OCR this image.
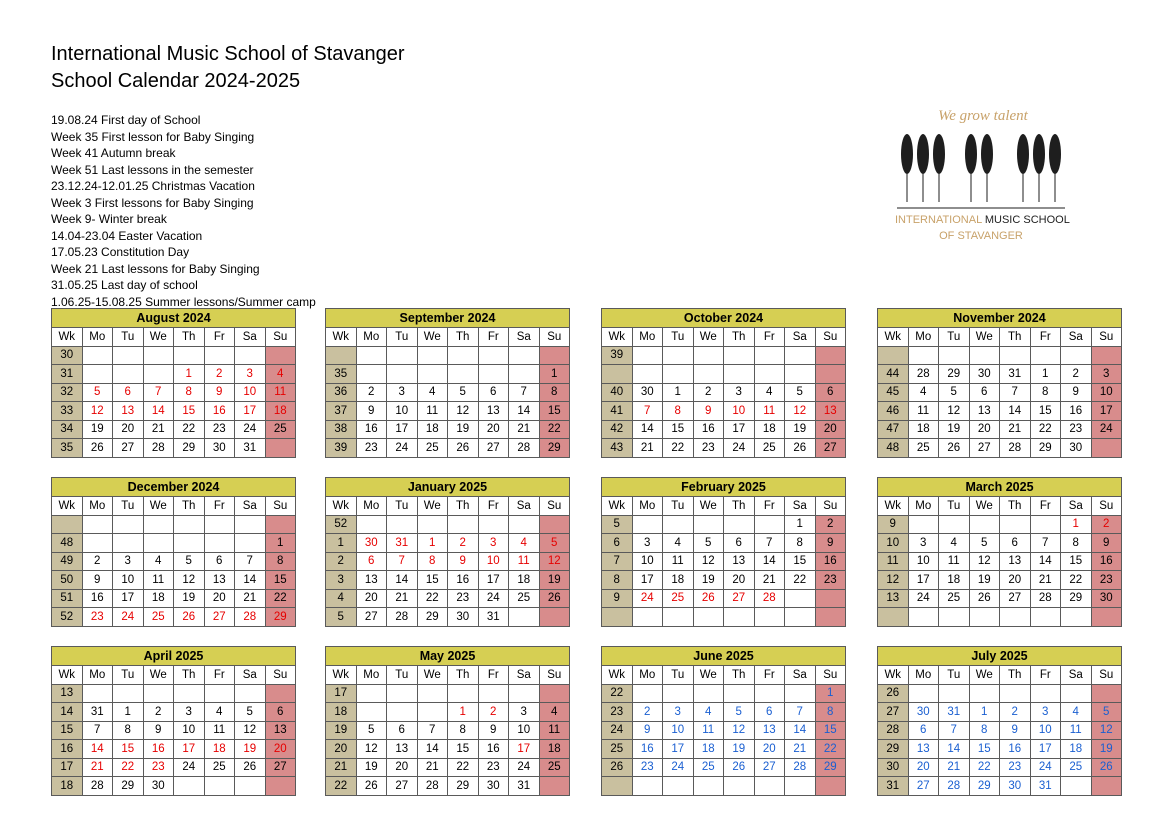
International Music School of Stavanger
School Calendar 2024-2025
19.08.24 First day of School
Week 35 First lesson for Baby Singing
Week 41 Autumn break
Week 51 Last lessons in the semester
23.12.24-12.01.25 Christmas Vacation
Week 3 First lessons for Baby Singing
Week 9- Winter break
14.04-23.04 Easter Vacation
17.05.23 Constitution Day
Week 21 Last lessons for Baby Singing
31.05.25 Last day of school
1.06.25-15.08.25 Summer lessons/Summer camp
We grow talent
INTERNATIONAL MUSIC SCHOOL
OF STAVANGER
August 2024							
Wk	Mo	Tu	We	Th	Fr	Sa	Su
30							
31				1	2	3	4
32	5	6	7	8	9	10	11
33	12	13	14	15	16	17	18
34	19	20	21	22	23	24	25
35	26	27	28	29	30	31	
September 2024							
Wk	Mo	Tu	We	Th	Fr	Sa	Su

35							1
36	2	3	4	5	6	7	8
37	9	10	11	12	13	14	15
38	16	17	18	19	20	21	22
39	23	24	25	26	27	28	29
October 2024							
Wk	Mo	Tu	We	Th	Fr	Sa	Su
39							

40	30	1	2	3	4	5	6
41	7	8	9	10	11	12	13
42	14	15	16	17	18	19	20
43	21	22	23	24	25	26	27
November 2024							
Wk	Mo	Tu	We	Th	Fr	Sa	Su

44	28	29	30	31	1	2	3
45	4	5	6	7	8	9	10
46	11	12	13	14	15	16	17
47	18	19	20	21	22	23	24
48	25	26	27	28	29	30	
December 2024							
Wk	Mo	Tu	We	Th	Fr	Sa	Su

48							1
49	2	3	4	5	6	7	8
50	9	10	11	12	13	14	15
51	16	17	18	19	20	21	22
52	23	24	25	26	27	28	29
January 2025							
Wk	Mo	Tu	We	Th	Fr	Sa	Su
52							
1	30	31	1	2	3	4	5
2	6	7	8	9	10	11	12
3	13	14	15	16	17	18	19
4	20	21	22	23	24	25	26
5	27	28	29	30	31		
February 2025							
Wk	Mo	Tu	We	Th	Fr	Sa	Su
5						1	2
6	3	4	5	6	7	8	9
7	10	11	12	13	14	15	16
8	17	18	19	20	21	22	23
9	24	25	26	27	28		

March 2025							
Wk	Mo	Tu	We	Th	Fr	Sa	Su
9						1	2
10	3	4	5	6	7	8	9
11	10	11	12	13	14	15	16
12	17	18	19	20	21	22	23
13	24	25	26	27	28	29	30

April 2025							
Wk	Mo	Tu	We	Th	Fr	Sa	Su
13							
14	31	1	2	3	4	5	6
15	7	8	9	10	11	12	13
16	14	15	16	17	18	19	20
17	21	22	23	24	25	26	27
18	28	29	30				
May 2025							
Wk	Mo	Tu	We	Th	Fr	Sa	Su
17							
18				1	2	3	4
19	5	6	7	8	9	10	11
20	12	13	14	15	16	17	18
21	19	20	21	22	23	24	25
22	26	27	28	29	30	31	
June 2025							
Wk	Mo	Tu	We	Th	Fr	Sa	Su
22							1
23	2	3	4	5	6	7	8
24	9	10	11	12	13	14	15
25	16	17	18	19	20	21	22
26	23	24	25	26	27	28	29

July 2025							
Wk	Mo	Tu	We	Th	Fr	Sa	Su
26							
27	30	31	1	2	3	4	5
28	6	7	8	9	10	11	12
29	13	14	15	16	17	18	19
30	20	21	22	23	24	25	26
31	27	28	29	30	31		
